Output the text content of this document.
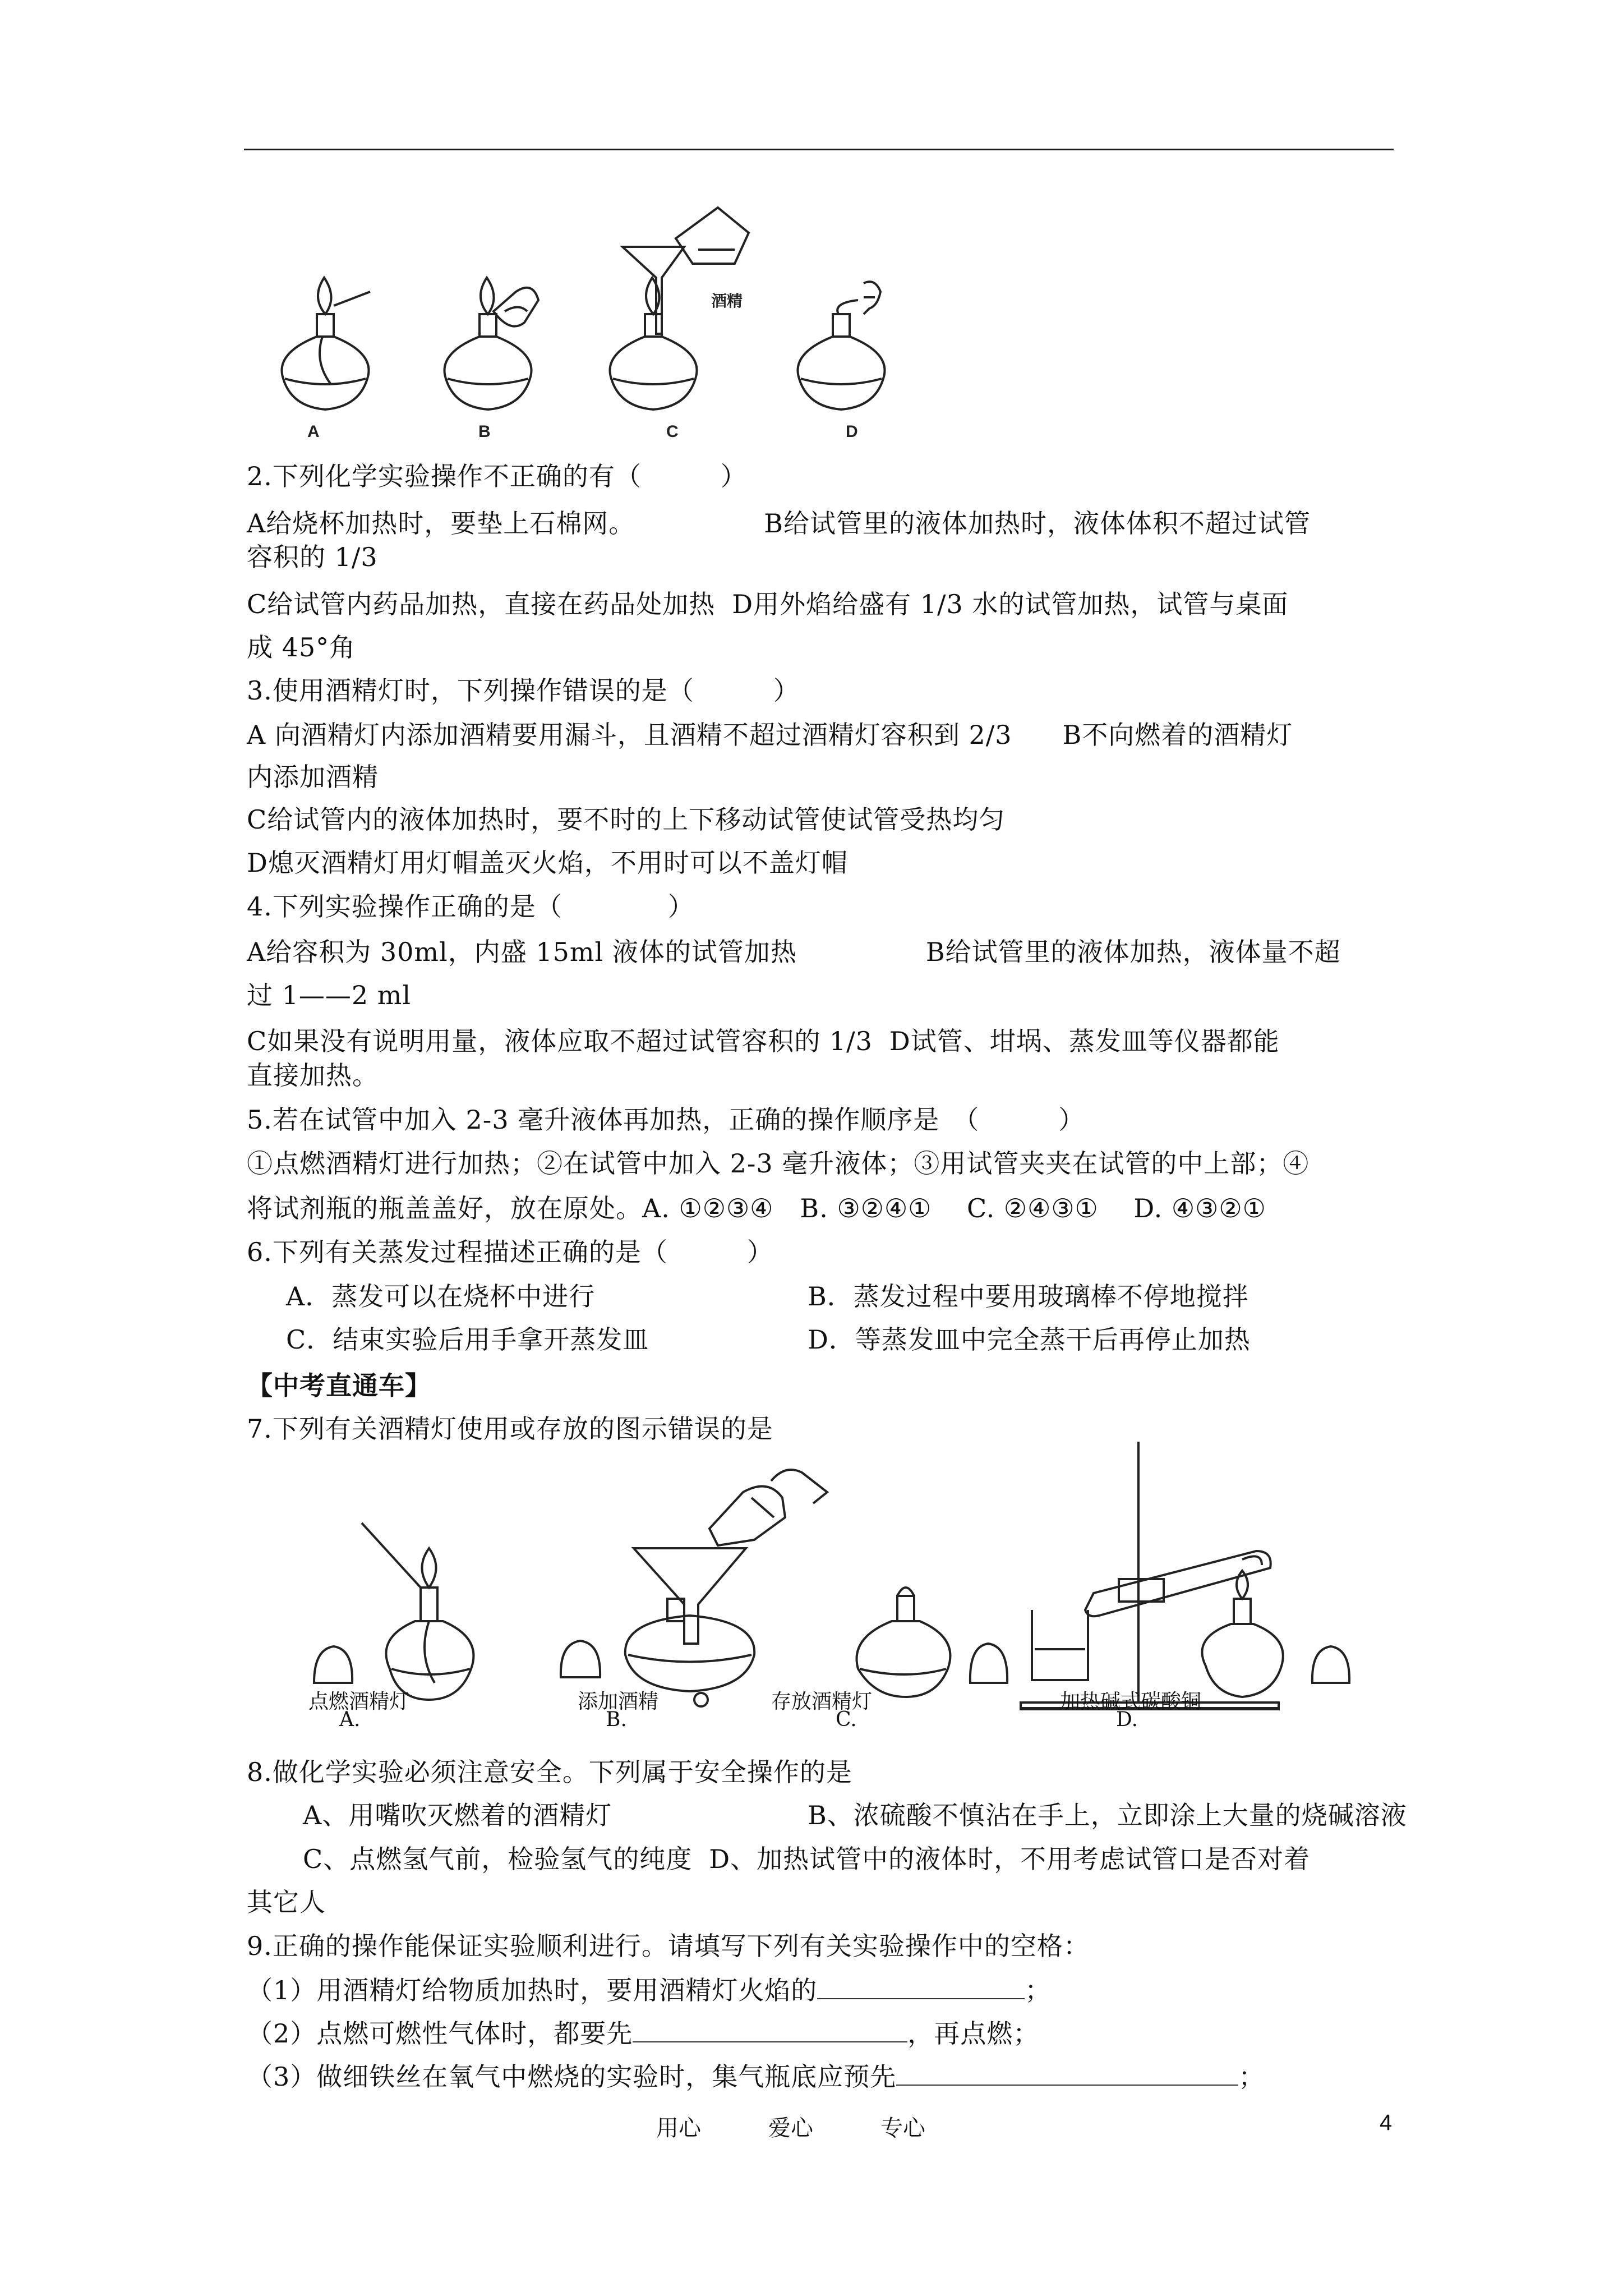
A	B	C	D
酒精
2.下列化学实验操作不正确的有（　　　）
A给烧杯加热时，要垫上石棉网。	B给试管里的液体加热时，液体体积不超过试管
容积的 1/3
C给试管内药品加热，直接在药品处加热 D用外焰给盛有 1/3 水的试管加热，试管与桌面
成 45°角
3.使用酒精灯时，下列操作错误的是（　　　）
A 向酒精灯内添加酒精要用漏斗，且酒精不超过酒精灯容积到 2/3 B不向燃着的酒精灯
内添加酒精
C给试管内的液体加热时，要不时的上下移动试管使试管受热均匀
D熄灭酒精灯用灯帽盖灭火焰，不用时可以不盖灯帽
4.下列实验操作正确的是（　　　　）
A给容积为 30ml，内盛 15ml 液体的试管加热	B给试管里的液体加热，液体量不超
过 1——2 ml
C如果没有说明用量，液体应取不超过试管容积的 1/3 D试管、坩埚、蒸发皿等仪器都能
直接加热。
5.若在试管中加入 2-3 毫升液体再加热，正确的操作顺序是　（　　　）
①点燃酒精灯进行加热；②在试管中加入 2-3 毫升液体；③用试管夹夹在试管的中上部；④
将试剂瓶的瓶盖盖好，放在原处。A. ①②③④　B. ③②④①　 C. ②④③①　 D. ④③②①
6.下列有关蒸发过程描述正确的是（　　　）
A．蒸发可以在烧杯中进行	B．蒸发过程中要用玻璃棒不停地搅拌
C．结束实验后用手拿开蒸发皿	D．等蒸发皿中完全蒸干后再停止加热
【中考直通车】
7.下列有关酒精灯使用或存放的图示错误的是
点燃酒精灯
A.
添加酒精
B.
存放酒精灯
C.
加热碱式碳酸铜
D.
8.做化学实验必须注意安全。下列属于安全操作的是
A、用嘴吹灭燃着的酒精灯	B、浓硫酸不慎沾在手上，立即涂上大量的烧碱溶液
C、点燃氢气前，检验氢气的纯度 D、加热试管中的液体时，不用考虑试管口是否对着
其它人
9.正确的操作能保证实验顺利进行。请填写下列有关实验操作中的空格：
（1）用酒精灯给物质加热时，要用酒精灯火焰的	；
（2）点燃可燃性气体时，都要先	，再点燃；
（3）做细铁丝在氧气中燃烧的实验时，集气瓶底应预先	；
用心	爱心	专心	4
